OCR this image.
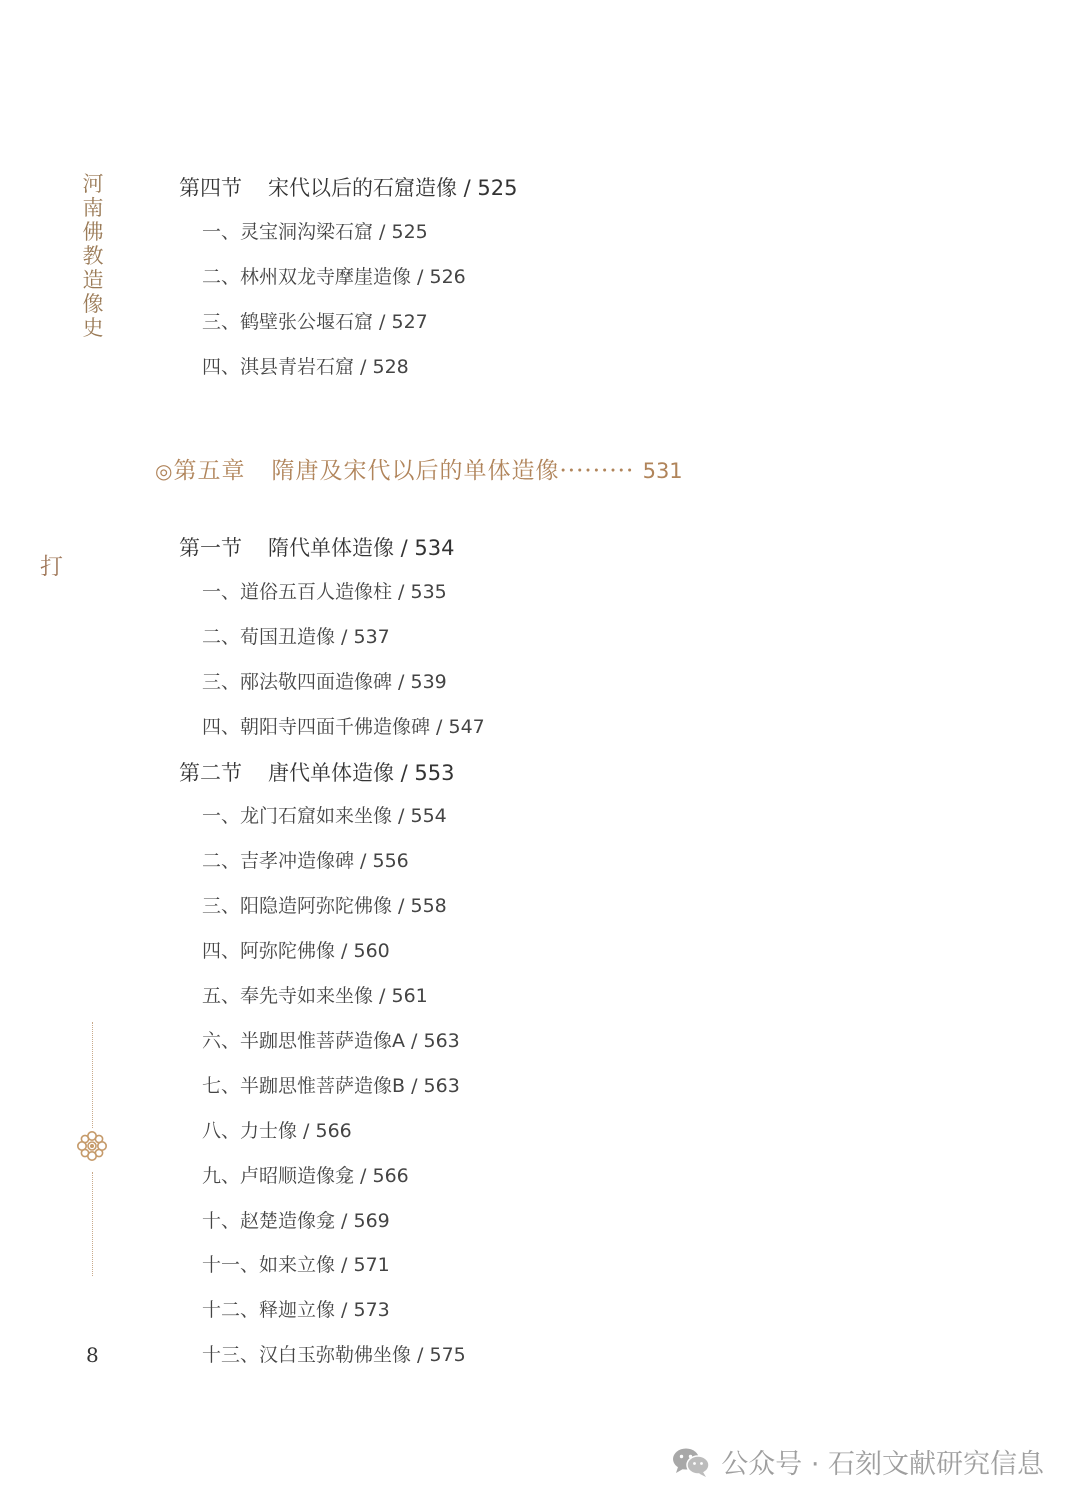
河南佛教造像史
打
第四节 宋代以后的石窟造像 / 525
一、灵宝洞沟梁石窟 / 525
二、林州双龙寺摩崖造像 / 526
三、鹤壁张公堰石窟 / 527
四、淇县青岩石窟 / 528
◎第五章 隋唐及宋代以后的单体造像········· 531
第一节 隋代单体造像 / 534
一、道俗五百人造像柱 / 535
二、荀国丑造像 / 537
三、邴法敬四面造像碑 / 539
四、朝阳寺四面千佛造像碑 / 547
第二节 唐代单体造像 / 553
一、龙门石窟如来坐像 / 554
二、吉孝冲造像碑 / 556
三、阳隐造阿弥陀佛像 / 558
四、阿弥陀佛像 / 560
五、奉先寺如来坐像 / 561
六、半跏思惟菩萨造像A / 563
七、半跏思惟菩萨造像B / 563
八、力士像 / 566
九、卢昭顺造像龛 / 566
十、赵楚造像龛 / 569
十一、如来立像 / 571
十二、释迦立像 / 573
十三、汉白玉弥勒佛坐像 / 575
8
公众号 · 石刻文献研究信息
